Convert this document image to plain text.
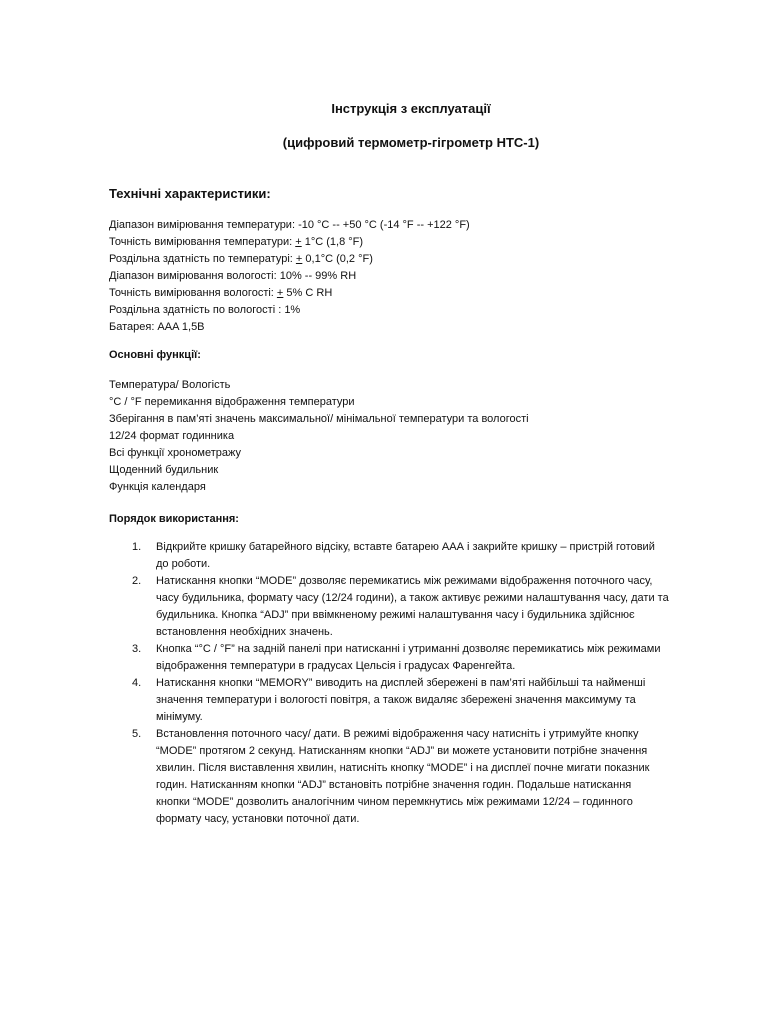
Інструкція з експлуатації
(цифровий термометр-гігрометр HTC-1)
Технічні характеристики:
Діапазон вимірювання температури: -10 °C -- +50 °C (-14 °F -- +122 °F)
Точність вимірювання температури: + 1°C (1,8 °F)
Роздільна здатність по температурі: + 0,1°C (0,2 °F)
Діапазон вимірювання вологості: 10% -- 99% RH
Точність вимірювання вологості: + 5% C RH
Роздільна здатність по вологості : 1%
Батарея: AAA 1,5B
Основні функції:
Температура/ Вологість
°C / °F перемикання відображення температури
Зберігання в пам’яті значень максимальної/ мінімальної температури та вологості
12/24 формат годинника
Всі функції хронометражу
Щоденний будильник
Функція календаря
Порядок використання:
1. Відкрийте кришку батарейного відсіку, вставте батарею ААА і закрийте кришку – пристрій готовий
до роботи.
2. Натискання кнопки “MODE” дозволяє перемикатись між режимами відображення поточного часу,
часу будильника, формату часу (12/24 години), а також активує режими налаштування часу, дати та
будильника. Кнопка “ADJ” при ввімкненому режимі налаштування часу і будильника здійснює
встановлення необхідних значень.
3. Кнопка “°C / °F” на задній панелі при натисканні і утриманні дозволяє перемикатись між режимами
відображення температури в градусах Цельсія і градусах Фаренгейта.
4. Натискання кнопки “MEMORY” виводить на дисплей збережені в пам’яті найбільші та найменші
значення температури і вологості повітря, а також видаляє збережені значення максимуму та
мінімуму.
5. Встановлення поточного часу/ дати. В режимі відображення часу натисніть і утримуйте кнопку
“MODE” протягом 2 секунд. Натисканням кнопки “ADJ” ви можете установити потрібне значення
хвилин. Після виставлення хвилин, натисніть кнопку “MODE” і на дисплеї почне мигати показник
годин. Натисканням кнопки “ADJ” встановіть потрібне значення годин. Подальше натискання
кнопки “MODE” дозволить аналогічним чином перемкнутись між режимами 12/24 – годинного
формату часу, установки поточної дати.
